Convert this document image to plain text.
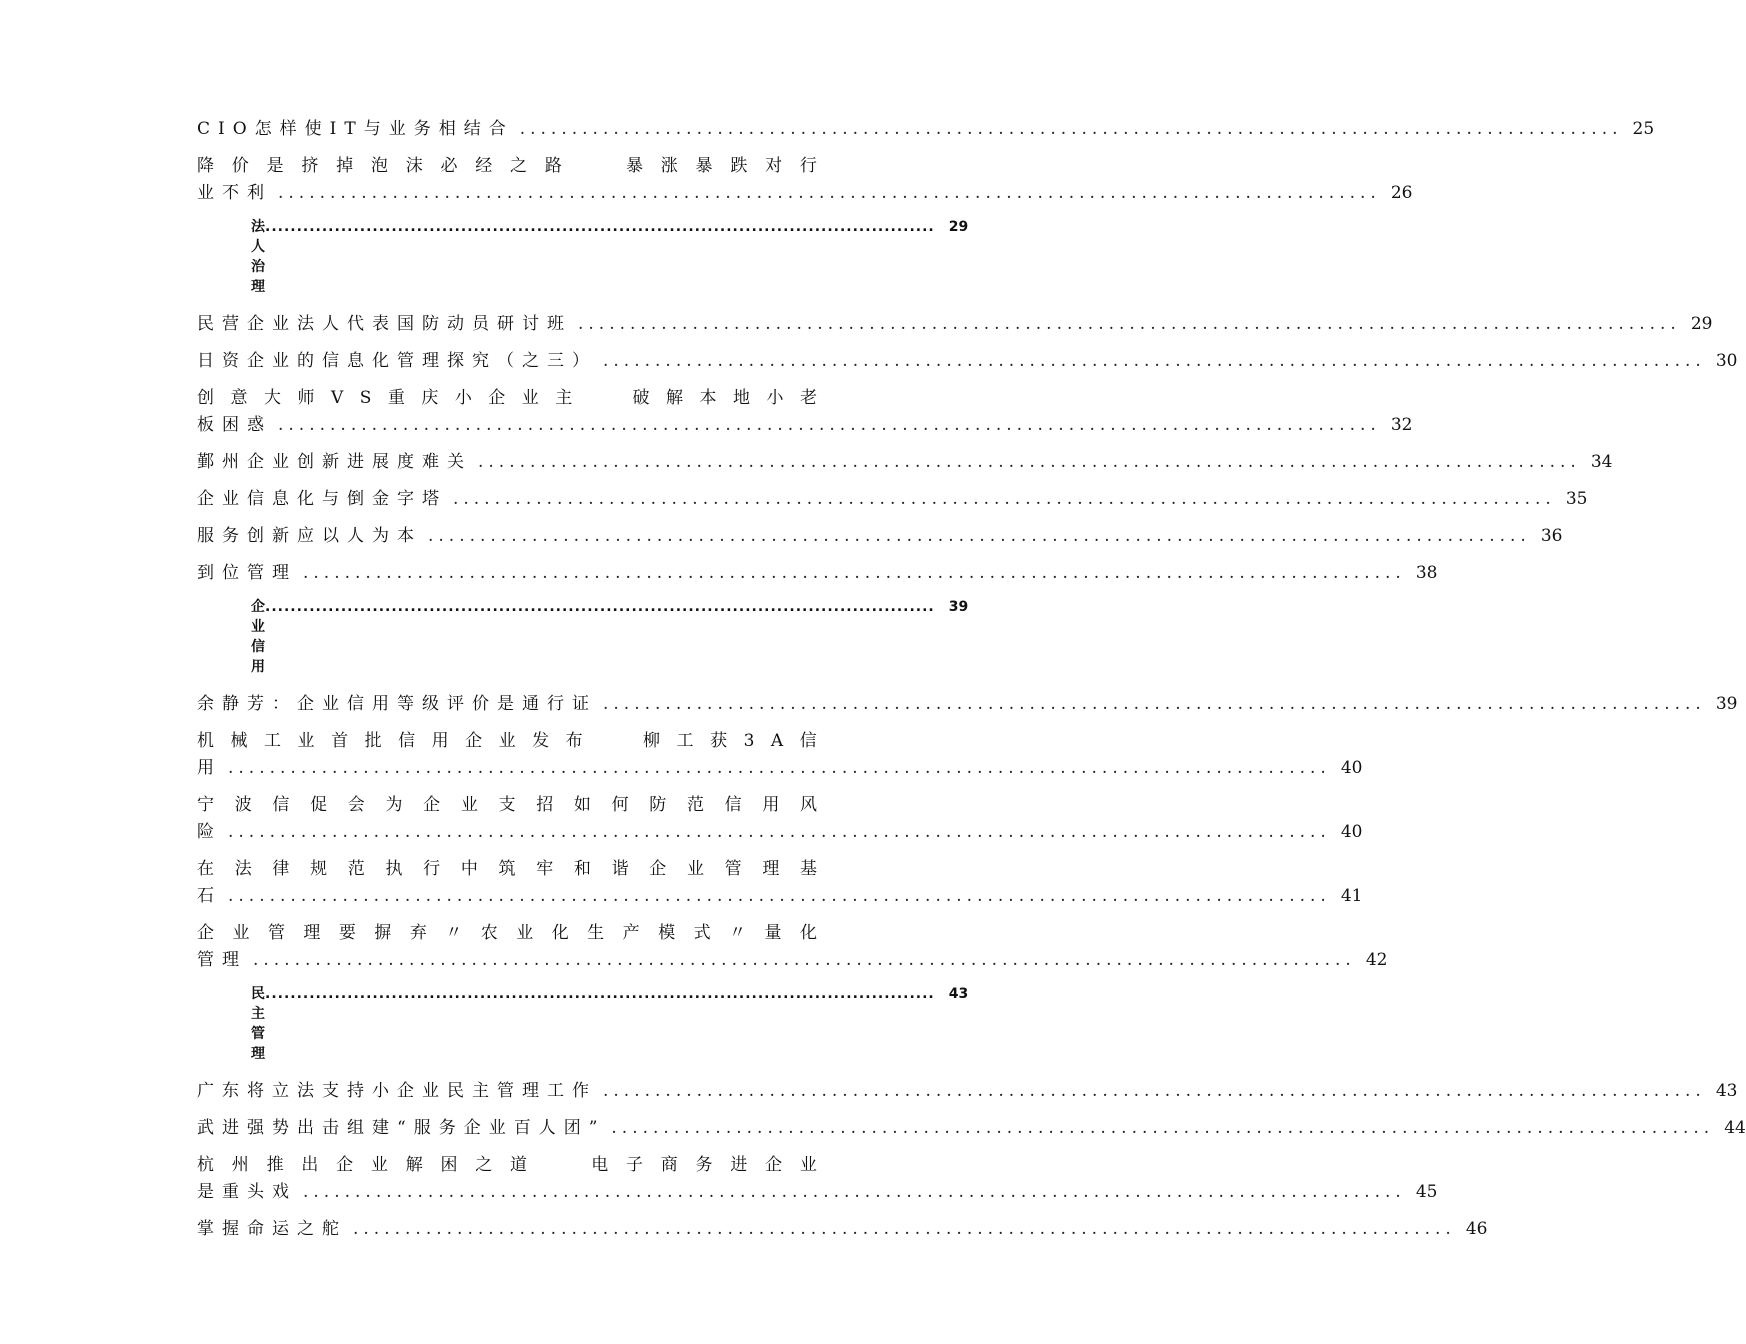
CIO怎样使IT与业务相结合 .......................................................................................................... 25
降 价 是 挤 掉 泡 沫 必 经 之 路

	暴 涨 暴 跌 对 行
业不利 .......................................................................................................... 26
法人治理
.......................................................................................................... 29
民营企业法人代表国防动员研讨班 .......................................................................................................... 29
日资企业的信息化管理探究（之三） .......................................................................................................... 30
创 意 大 师 V S 重 庆 小 企 业 主

	破 解 本 地 小 老
板困惑 .......................................................................................................... 32
鄞州企业创新进展度难关 .......................................................................................................... 34
企业信息化与倒金字塔 .......................................................................................................... 35
服务创新应以人为本 .......................................................................................................... 36
到位管理 .......................................................................................................... 38
企业信用
.......................................................................................................... 39
余静芳：企业信用等级评价是通行证 .......................................................................................................... 39
机 械 工 业 首 批 信 用 企 业 发 布

	柳 工 获 3 A 信
用 .......................................................................................................... 40
宁 波 信 促 会 为 企 业 支 招 如 何 防 范 信 用 风
险 .......................................................................................................... 40
在 法 律 规 范 执 行 中 筑 牢 和 谐 企 业 管 理 基
石 .......................................................................................................... 41
企 业 管 理 要 摒 弃 〃 农 业 化 生 产 模 式 〃 量 化
管理 .......................................................................................................... 42
民主管理
.......................................................................................................... 43
广东将立法支持小企业民主管理工作 .......................................................................................................... 43
武进强势出击组建“服务企业百人团” .......................................................................................................... 44
杭 州 推 出 企 业 解 困 之 道

	电 子 商 务 进 企 业
是重头戏 .......................................................................................................... 45
掌握命运之舵 .......................................................................................................... 46
